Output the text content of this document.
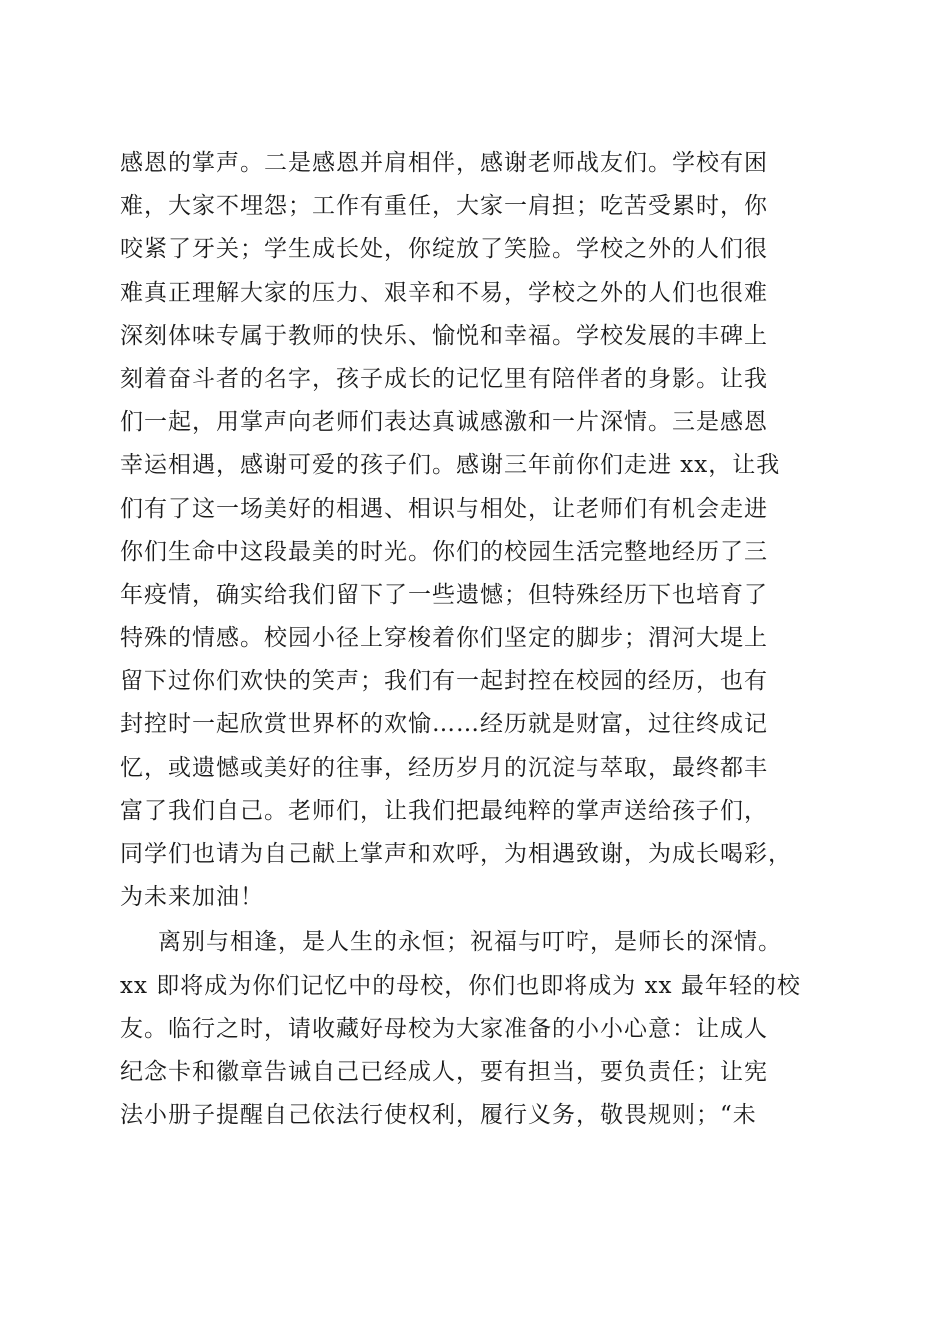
感恩的掌声。二是感恩并肩相伴，感谢老师战友们。学校有困
难，大家不埋怨；工作有重任，大家一肩担；吃苦受累时，你
咬紧了牙关；学生成长处，你绽放了笑脸。学校之外的人们很
难真正理解大家的压力、艰辛和不易，学校之外的人们也很难
深刻体味专属于教师的快乐、愉悦和幸福。学校发展的丰碑上
刻着奋斗者的名字，孩子成长的记忆里有陪伴者的身影。让我
们一起，用掌声向老师们表达真诚感激和一片深情。三是感恩
幸运相遇，感谢可爱的孩子们。感谢三年前你们走进 xx，让我
们有了这一场美好的相遇、相识与相处，让老师们有机会走进
你们生命中这段最美的时光。你们的校园生活完整地经历了三
年疫情，确实给我们留下了一些遗憾；但特殊经历下也培育了
特殊的情感。校园小径上穿梭着你们坚定的脚步；渭河大堤上
留下过你们欢快的笑声；我们有一起封控在校园的经历，也有
封控时一起欣赏世界杯的欢愉……经历就是财富，过往终成记
忆，或遗憾或美好的往事，经历岁月的沉淀与萃取，最终都丰
富了我们自己。老师们，让我们把最纯粹的掌声送给孩子们，
同学们也请为自己献上掌声和欢呼，为相遇致谢，为成长喝彩，
为未来加油！
离别与相逢，是人生的永恒；祝福与叮咛，是师长的深情。
xx 即将成为你们记忆中的母校，你们也即将成为 xx 最年轻的校
友。临行之时，请收藏好母校为大家准备的小小心意：让成人
纪念卡和徽章告诫自己已经成人，要有担当，要负责任；让宪
法小册子提醒自己依法行使权利，履行义务，敬畏规则；“未
